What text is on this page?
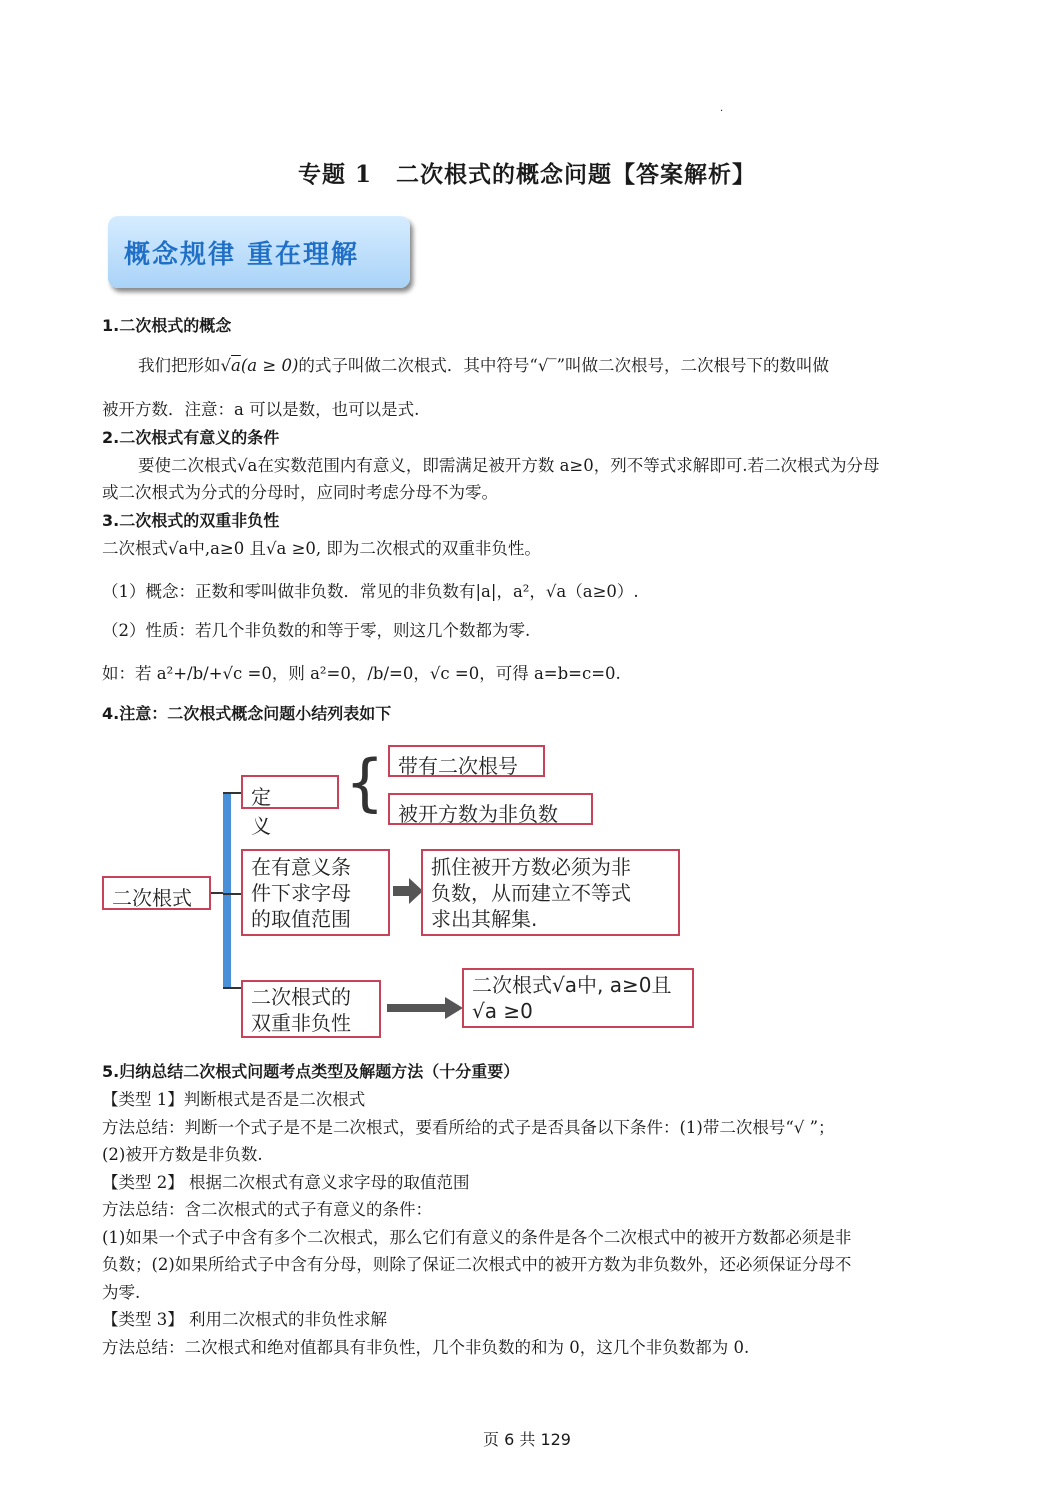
·
专题 1　二次根式的概念问题【答案解析】
概念规律 重在理解
1.二次根式的概念
我们把形如√a(a ≥ 0)的式子叫做二次根式．其中符号“√‾”叫做二次根号，二次根号下的数叫做
被开方数．注意：a 可以是数，也可以是式.
2.二次根式有意义的条件
要使二次根式√a在实数范围内有意义，即需满足被开方数 a≥0，列不等式求解即可.若二次根式为分母
或二次根式为分式的分母时，应同时考虑分母不为零。
3.二次根式的双重非负性
二次根式√a中,a≥0 且√a ≥0, 即为二次根式的双重非负性。
（1）概念：正数和零叫做非负数．常见的非负数有|a|，a²，√a（a≥0）.
（2）性质：若几个非负数的和等于零，则这几个数都为零.
如：若 a²+/b/+√c =0，则 a²=0，/b/=0，√c =0，可得 a=b=c=0.
4.注意：二次根式概念问题小结列表如下
二次根式
定　　义
{ 带有二次根号
被开方数为非负数
在有意义条
件下求字母
的取值范围
抓住被开方数必须为非
负数，从而建立不等式
求出其解集.
二次根式的
双重非负性
二次根式√a中, a≥0且
√a ≥0
5.归纳总结二次根式问题考点类型及解题方法（十分重要）
【类型 1】判断根式是否是二次根式
方法总结：判断一个式子是不是二次根式，要看所给的式子是否具备以下条件：(1)带二次根号“√ ”；
(2)被开方数是非负数.
【类型 2】 根据二次根式有意义求字母的取值范围
方法总结：含二次根式的式子有意义的条件：
(1)如果一个式子中含有多个二次根式，那么它们有意义的条件是各个二次根式中的被开方数都必须是非
负数；(2)如果所给式子中含有分母，则除了保证二次根式中的被开方数为非负数外，还必须保证分母不
为零.
【类型 3】 利用二次根式的非负性求解
方法总结：二次根式和绝对值都具有非负性，几个非负数的和为 0，这几个非负数都为 0.
页 6 共 129
